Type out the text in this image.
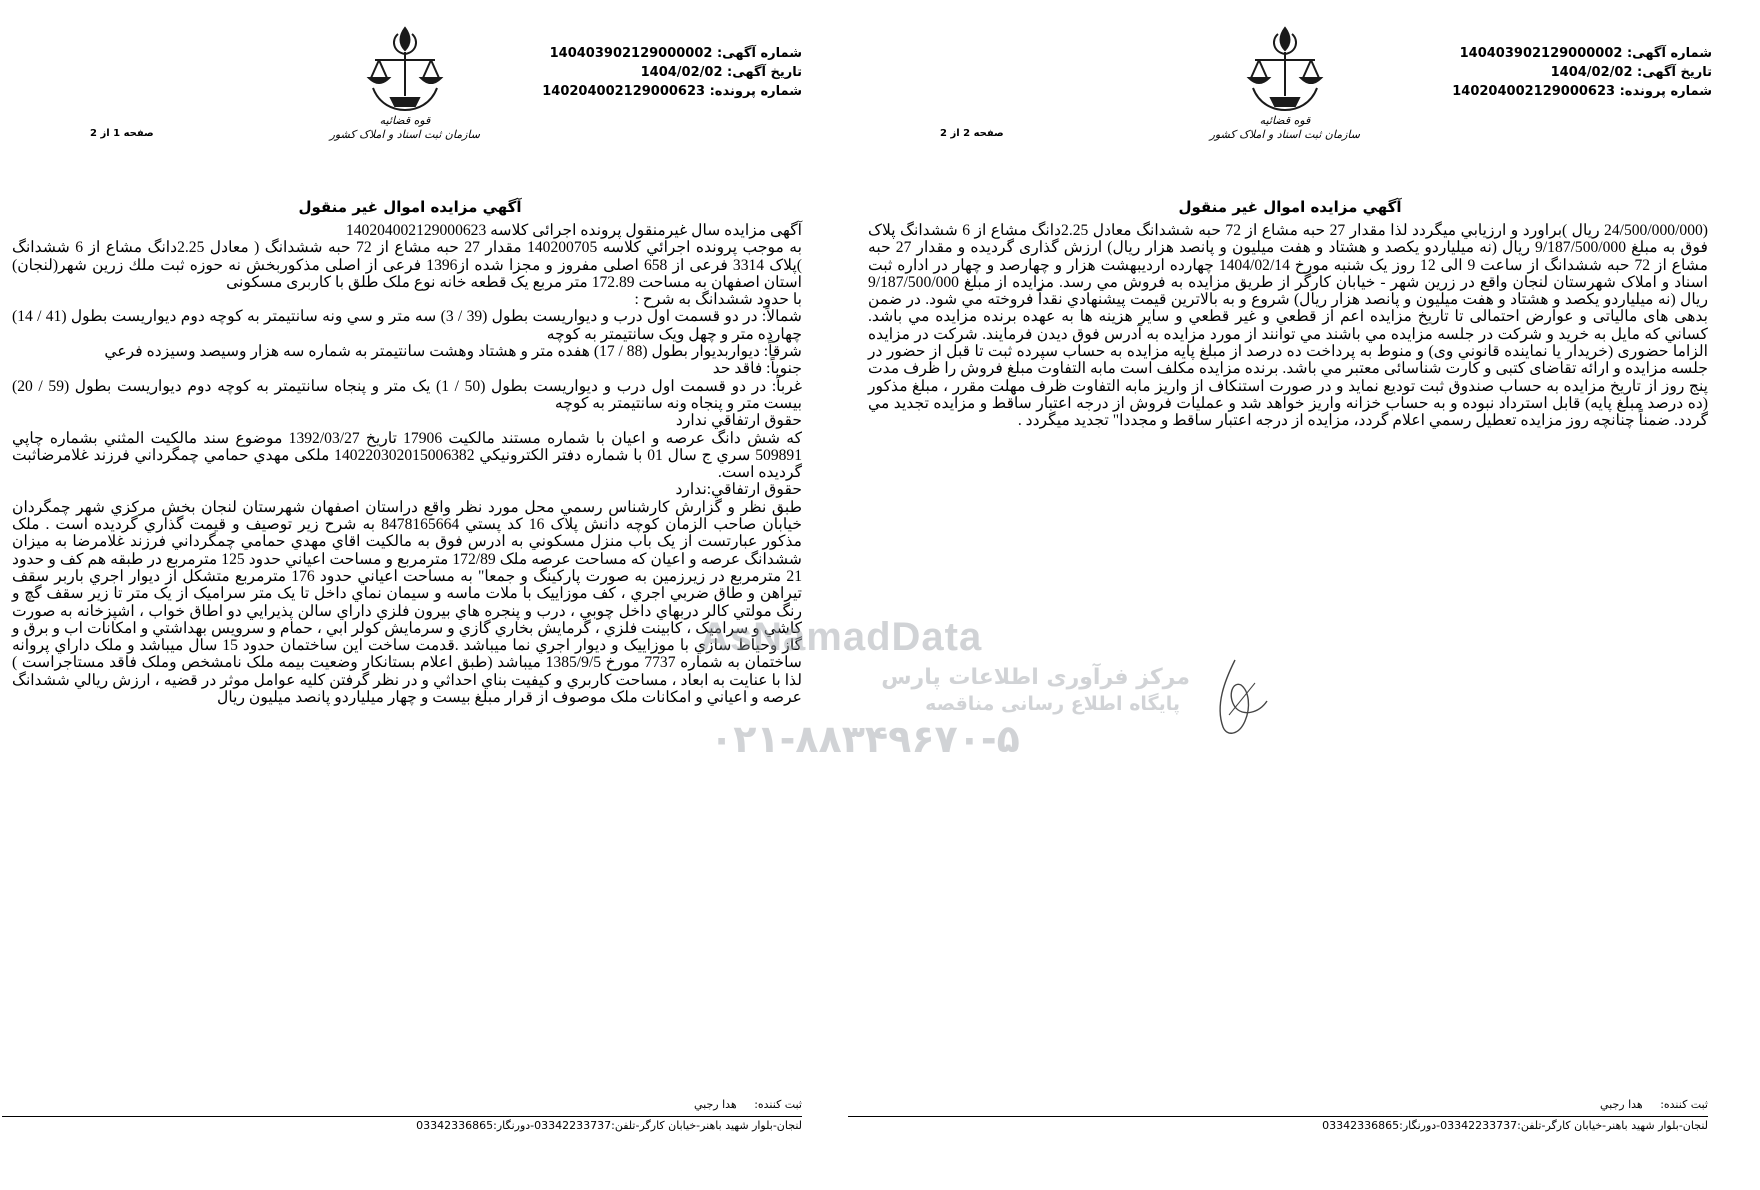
شماره آگهی: 140403902129000002
تاریخ آگهی: 1404/02/02
شماره پرونده: 140204002129000623
قوه قضائیه
سازمان ثبت اسناد و املاک کشور
صفحه 1 از 2
آگهي مزايده اموال غير منقول

آگهی مزایده سال غیرمنقول پرونده اجرائی کلاسه 140204002129000623

به موجب پرونده اجرائي کلاسه 140200705 مقدار 27 حبه مشاع از 72 حبه ششدانگ ( معادل 2.25دانگ مشاع از 6 ششدانگ )پلاک 3314 فرعی از 658 اصلی مفروز و مجزا شده از1396 فرعی از اصلی مذکوربخش نه حوزه ثبت ملك زرين شهر(لنجان) استان اصفهان به مساحت 172.89 متر مربع یک قطعه خانه نوع ملک طلق با کاربری مسکونی

با حدود ششدانگ به شرح :

شمالاً: در دو قسمت اول درب و ديواريست بطول (39 / 3) سه متر و سي ونه سانتيمتر به کوچه دوم ديواريست بطول (41 / 14) چهارده متر و چهل ويک سانتيمتر به کوچه

شرقاً: ديواربديوار بطول (88 / 17) هفده متر و هشتاد وهشت سانتيمتر به شماره سه هزار وسيصد وسيزده فرعي

جنوباً: فاقد حد

غرباً: در دو قسمت اول درب و ديواريست بطول (50 / 1) يک متر و پنجاه سانتيمتر به کوچه دوم ديواريست بطول (59 / 20) بيست متر و پنجاه ونه سانتيمتر به کوچه

حقوق ارتفاقي ندارد

که شش دانگ عرصه و اعيان با شماره مستند مالکيت 17906 تاريخ 1392/03/27 موضوع سند مالکيت المثني بشماره چاپي 509891 سري ج سال 01 با شماره دفتر الکترونيکي 140220302015006382 ملکی مهدي حمامي چمگرداني فرزند غلامرضاثبت گرديده است.

حقوق ارتفاقي:ندارد

طبق نظر و گزارش کارشناس رسمي محل مورد نظر واقع دراستان اصفهان شهرستان لنجان بخش مرکزي شهر چمگردان خيابان صاحب الزمان کوچه دانش پلاک 16 کد پستي 8478165664 به شرح زير توصيف و قيمت گذاري گرديده است . ملک مذکور عبارتست از يک باب منزل مسکوني به ادرس فوق به مالکيت اقاي مهدي حمامي چمگرداني فرزند غلامرضا به ميزان ششدانگ عرصه و اعيان که مساحت عرصه ملک 172/89 مترمربع و مساحت اعياني حدود 125 مترمربع در طبقه هم کف و حدود 21 مترمربع در زيرزمين به صورت پارکينگ و جمعا" به مساحت اعياني حدود 176 مترمربع متشکل از ديوار اجري باربر سقف تيراهن و طاق ضربي اجري ، کف موزاييک با ملات ماسه و سيمان نماي داخل تا يک متر سراميک از يک متر تا زير سقف گچ و رنگ مولتي کالر دربهاي داخل چوبي ، درب و پنجره هاي بيرون فلزي داراي سالن پذيرايي دو اطاق خواب ، اشپزخانه به صورت کاشي و سراميک ، کابينت فلزي ، گرمايش بخاري گازي و سرمايش کولر ابي ، حمام و سرويس بهداشتي و امکانات اب و برق و گاز وحياط سازي با موزاييک و ديوار اجري نما ميباشد .قدمت ساخت اين ساختمان حدود 15 سال ميباشد و ملک داراي پروانه ساختمان به شماره 7737 مورخ 1385/9/5 ميباشد (طبق اعلام بستانکار وضعيت بيمه ملک نامشخص وملک فاقد مستاجراست ) لذا با عنايت به ابعاد ، مساحت کاربري و کيفيت بناي احداثي و در نظر گرفتن کليه عوامل موثر در قضيه ، ارزش ريالي ششدانگ عرصه و اعياني و امکانات ملک موصوف از قرار مبلغ بيست و چهار ميلياردو پانصد ميليون ريال

ثبت كننده:     هدا رجبي
لنجان-بلوار شهيد باهنر-خيابان كارگر-تلفن:03342233737-دورنگار:03342336865
شماره آگهی: 140403902129000002
تاریخ آگهی: 1404/02/02
شماره پرونده: 140204002129000623
قوه قضائیه
سازمان ثبت اسناد و املاک کشور
صفحه 2 از 2
آگهي مزايده اموال غير منقول

(24/500/000/000 ريال )براورد و ارزيابي ميگردد لذا مقدار 27 حبه مشاع از 72 حبه ششدانگ معادل 2.25دانگ مشاع از 6 ششدانگ پلاک فوق به مبلغ 9/187/500/000 ريال (نه ميلياردو يکصد و هشتاد و هفت ميليون و پانصد هزار ريال) ارزش گذاری گرديده و مقدار 27 حبه مشاع از 72 حبه ششدانگ از ساعت 9 الی 12 روز يک شنبه مورخ 1404/02/14 چهارده ارديبهشت هزار و چهارصد و چهار در اداره ثبت اسناد و املاک شهرستان لنجان واقع در زرين شهر - خيابان کارگر از طريق مزايده به فروش مي رسد. مزايده از مبلغ 9/187/500/000 ريال (نه ميلياردو يکصد و هشتاد و هفت ميليون و پانصد هزار ريال) شروع و به بالاترين قيمت پيشنهادي نقداً فروخته مي شود. در ضمن بدهی های مالیاتی و عوارض احتمالی تا تاريخ مزايده اعم از قطعي و غير قطعي و ساير هزينه ها به عهده برنده مزايده مي باشد. کساني که مايل به خريد و شرکت در جلسه مزايده مي باشند مي توانند از مورد مزايده به آدرس فوق ديدن فرمايند. شرکت در مزايده الزاما حضوری (خريدار يا نماينده قانوني وی) و منوط به پرداخت ده درصد از مبلغ پايه مزايده به حساب سپرده ثبت تا قبل از حضور در جلسه مزايده و ارائه تقاضای کتبی و کارت شناسائی معتبر مي باشد. برنده مزايده مکلف است مابه التفاوت مبلغ فروش را ظرف مدت پنج روز از تاريخ مزايده به حساب صندوق ثبت توديع نمايد و در صورت استنکاف از واريز مابه التفاوت ظرف مهلت مقرر ، مبلغ مذکور (ده درصد مبلغ پايه) قابل استرداد نبوده و به حساب خزانه واريز خواهد شد و عمليات فروش از درجه اعتبار ساقط و مزايده تجديد مي گردد. ضمناً چنانچه روز مزايده تعطيل رسمي اعلام گردد، مزايده از درجه اعتبار ساقط و مجددا" تجديد ميگردد .

ثبت كننده:     هدا رجبي
لنجان-بلوار شهيد باهنر-خيابان كارگر-تلفن:03342233737-دورنگار:03342336865
AsNamadData
مرکز فرآوری اطلاعات پارس
پایگاه اطلاع رسانی مناقصه
۰۲۱-۸۸۳۴۹۶۷۰-۵
